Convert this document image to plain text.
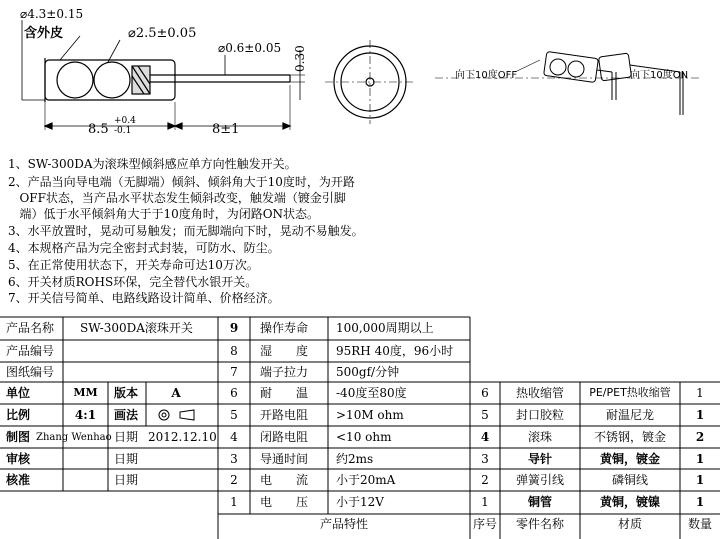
⌀4.3±0.15
含外皮	⌀2.5±0.05
⌀0.6±0.05 0.30
8.5
+0.4
-0.1	8±1
向下10度OFF	向下10度ON
1、SW-300DA为滚珠型倾斜感应单方向性触发开关。
2、产品当向导电端（无脚端）倾斜、倾斜角大于10度时，为开路
OFF状态，当产品水平状态发生倾斜改变，触发端（镀金引脚
端）低于水平倾斜角大于于10度角时，为闭路ON状态。
3、水平放置时，晃动可易触发；而无脚端向下时，晃动不易触发。
4、本规格产品为完全密封式封装，可防水、防尘。
5、在正常使用状态下，开关寿命可达10万次。
6、开关材质ROHS环保，完全替代水银开关。
7、开关信号简单、电路线路设计简单、价格经济。
产品名称 SW-300DA滚珠开关
产品编号
图纸编号
单位	MM	版本	A
比例	4:1	画法
制图 Zhang Wenhao 日期 2012.12.10
审核	日期
核准	日期
9	操作寿命 100,000周期以上
8	湿　　度 95RH 40度，96小时
7	端子拉力 500gf/分钟
6	耐　　温 -40度至80度
5	开路电阻 >10M ohm
4	闭路电阻 <10 ohm
3	导通时间 约2ms
2	电　　流 小于20mA
1	电　　压 小于12V
6	热收缩管	PE/PET热收缩管	1
5	封口胶粒	耐温尼龙	1
4	滚珠	不锈钢，镀金	2
3	导针	黄铜，镀金	1
2	弹簧引线	磷铜线	1
1	铜管	黄铜，镀镍	1
产品特性	序号	零件名称	材质	数量
